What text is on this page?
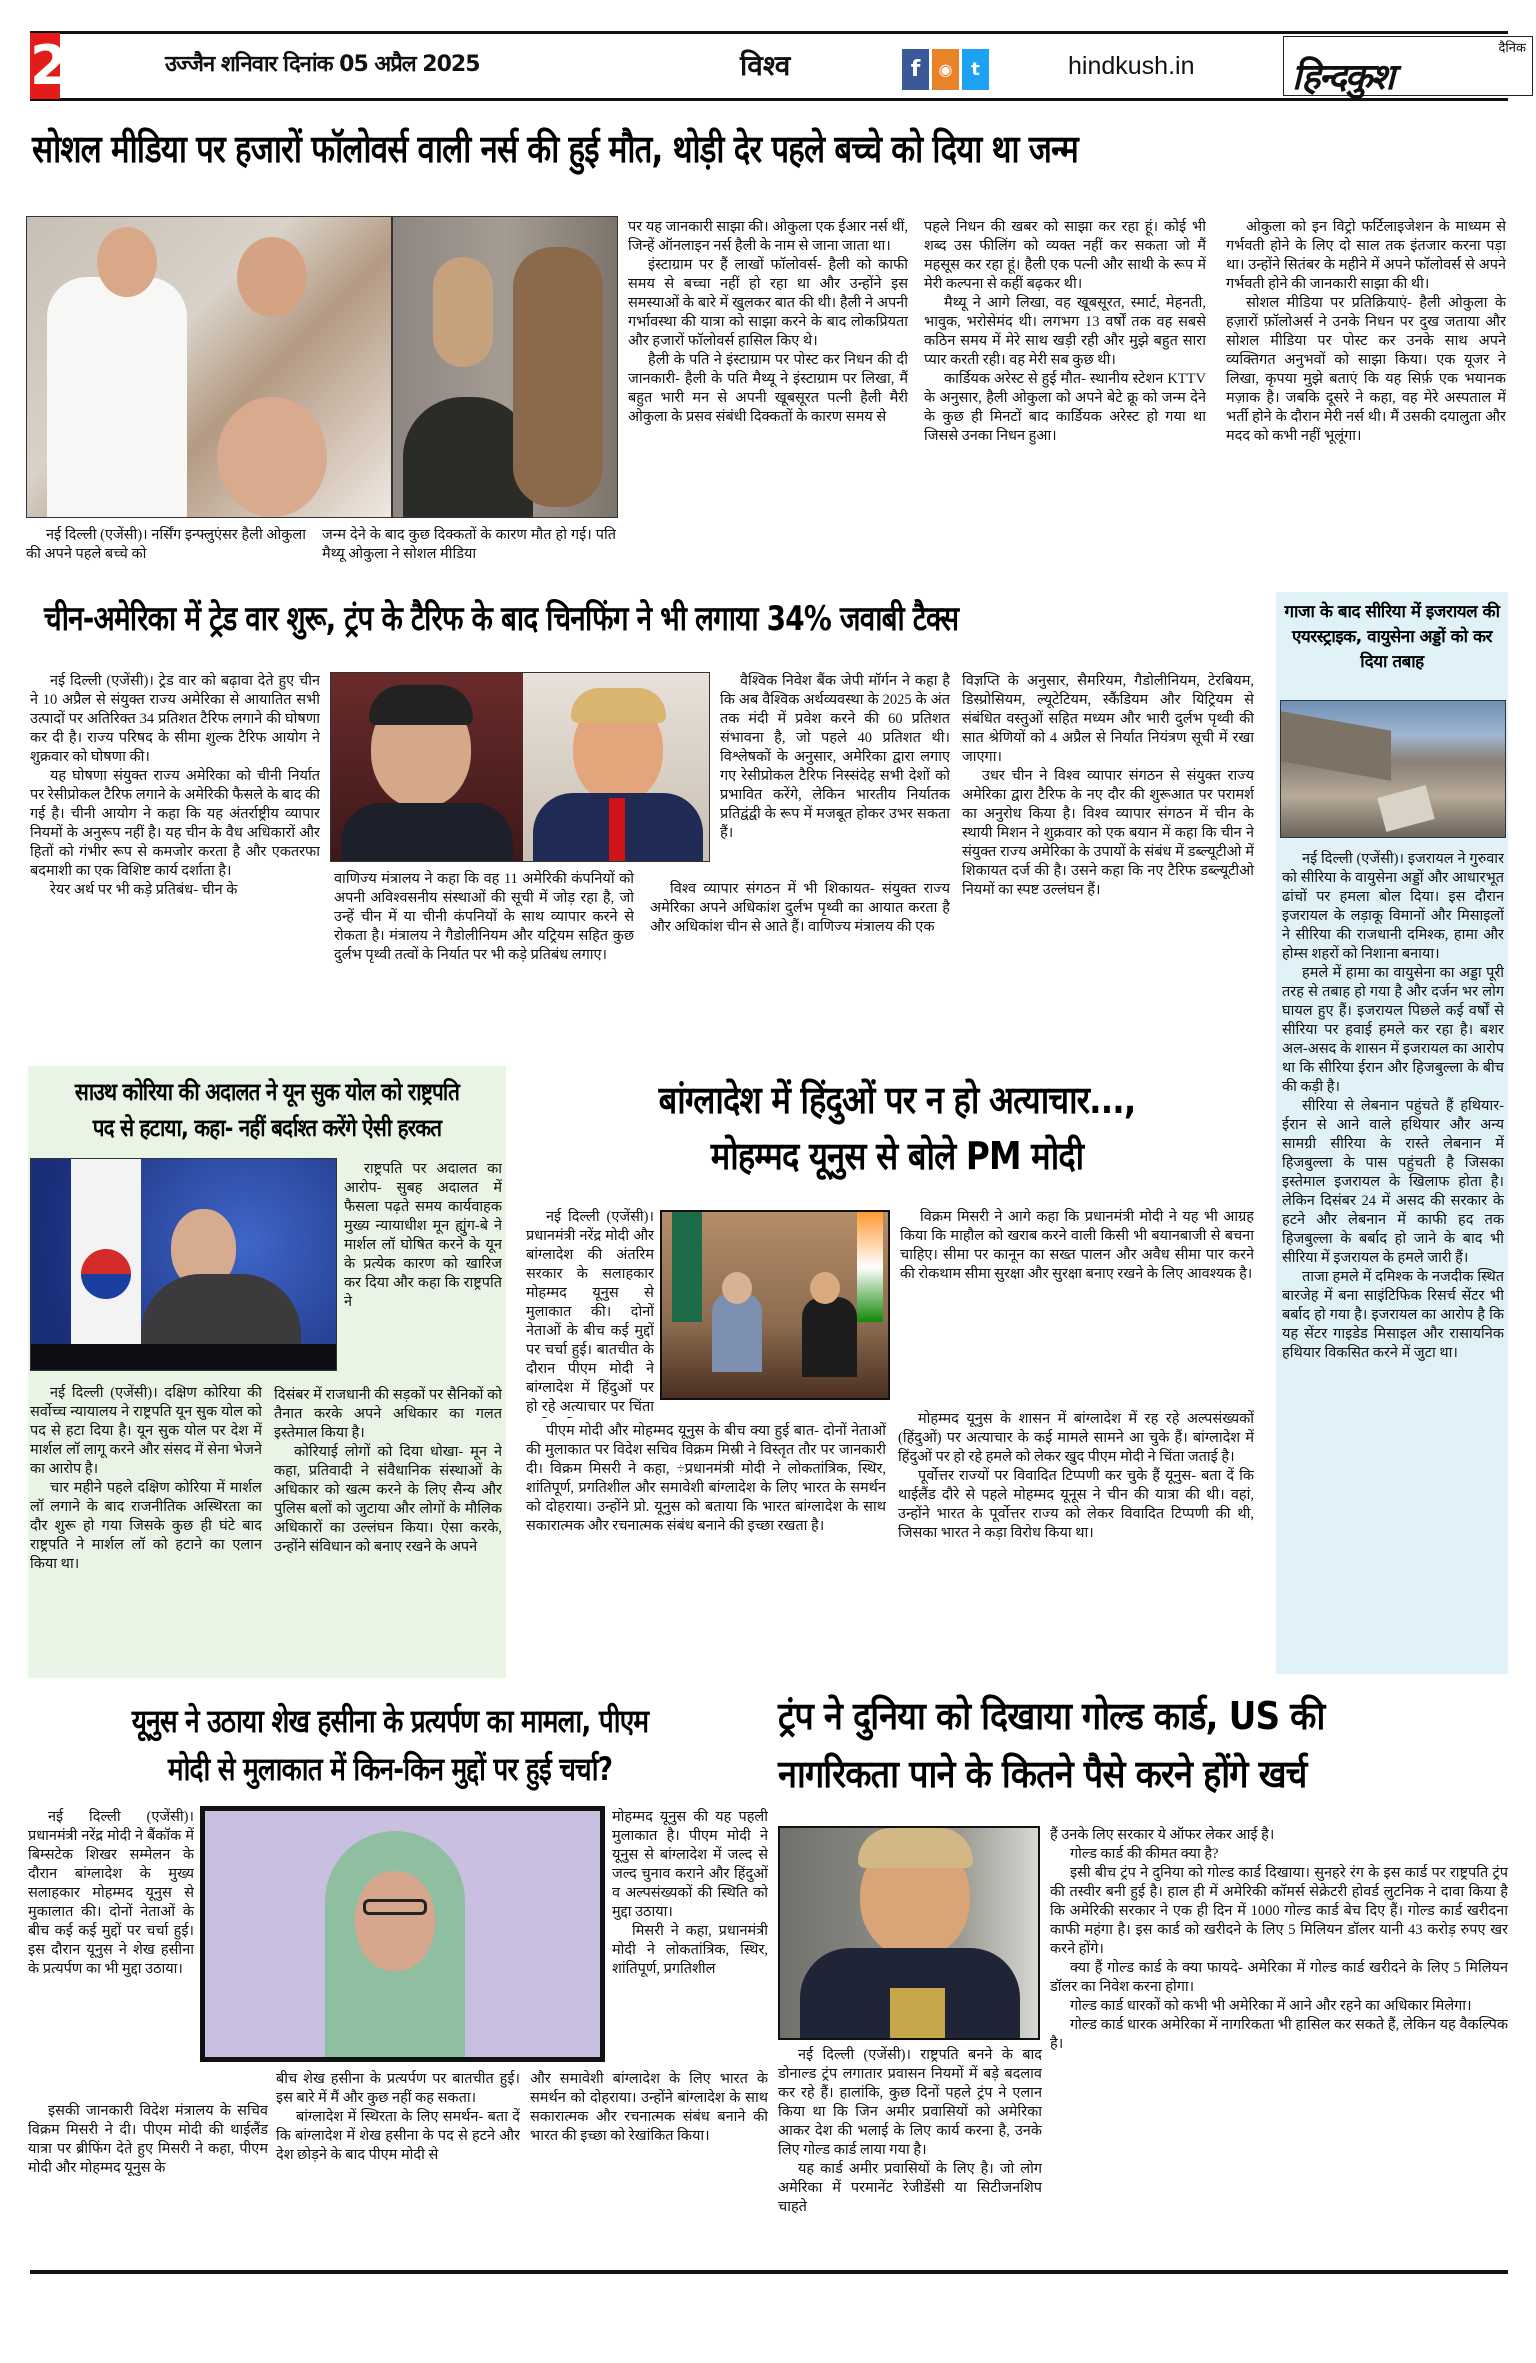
2	उज्जैन शनिवार दिनांक 05 अप्रैल 2025	विश्व	f	◉	t	hindkush.in
दैनिक
हिन्दकुश
सोशल मीडिया पर हजारों फॉलोवर्स वाली नर्स की हुई मौत, थोड़ी देर पहले बच्चे को दिया था जन्म

नई दिल्ली (एजेंसी)। नर्सिंग इन्फ्लुएंसर हैली ओकुला की अपने पहले बच्चे को

जन्म देने के बाद कुछ दिक्कतों के कारण मौत हो गई। पति मैथ्यू ओकुला ने सोशल मीडिया

पर यह जानकारी साझा की। ओकुला एक ईआर नर्स थीं, जिन्हें ऑनलाइन नर्स हैली के नाम से जाना जाता था।

इंस्टाग्राम पर हैं लाखों फॉलोवर्स- हैली को काफी समय से बच्चा नहीं हो रहा था और उन्होंने इस समस्याओं के बारे में खुलकर बात की थी। हैली ने अपनी गर्भावस्था की यात्रा को साझा करने के बाद लोकप्रियता और हजारों फॉलोवर्स हासिल किए थे।

हैली के पति ने इंस्टाग्राम पर पोस्ट कर निधन की दी जानकारी- हैली के पति मैथ्यू ने इंस्टाग्राम पर लिखा, मैं बहुत भारी मन से अपनी खूबसूरत पत्नी हैली मैरी ओकुला के प्रसव संबंधी दिक्कतों के कारण समय से

पहले निधन की खबर को साझा कर रहा हूं। कोई भी शब्द उस फीलिंग को व्यक्त नहीं कर सकता जो मैं महसूस कर रहा हूं। हैली एक पत्नी और साथी के रूप में मेरी कल्पना से कहीं बढ़कर थी।

मैथ्यू ने आगे लिखा, वह खूबसूरत, स्मार्ट, मेहनती, भावुक, भरोसेमंद थी। लगभग 13 वर्षों तक वह सबसे कठिन समय में मेरे साथ खड़ी रही और मुझे बहुत सारा प्यार करती रही। वह मेरी सब कुछ थी।

कार्डियक अरेस्ट से हुई मौत- स्थानीय स्टेशन KTTV के अनुसार, हैली ओकुला को अपने बेटे क्रू को जन्म देने के कुछ ही मिनटों बाद कार्डियक अरेस्ट हो गया था जिससे उनका निधन हुआ।

ओकुला को इन विट्रो फर्टिलाइजेशन के माध्यम से गर्भवती होने के लिए दो साल तक इंतजार करना पड़ा था। उन्होंने सितंबर के महीने में अपने फॉलोवर्स से अपने गर्भवती होने की जानकारी साझा की थी।

सोशल मीडिया पर प्रतिक्रियाएं- हैली ओकुला के हज़ारों फ़ॉलोअर्स ने उनके निधन पर दुख जताया और सोशल मीडिया पर पोस्ट कर उनके साथ अपने व्यक्तिगत अनुभवों को साझा किया। एक यूजर ने लिखा, कृपया मुझे बताएं कि यह सिर्फ़ एक भयानक मज़ाक है। जबकि दूसरे ने कहा, वह मेरे अस्पताल में भर्ती होने के दौरान मेरी नर्स थी। मैं उसकी दयालुता और मदद को कभी नहीं भूलूंगा।

चीन-अमेरिका में ट्रेड वार शुरू, ट्रंप के टैरिफ के बाद चिनफिंग ने भी लगाया 34% जवाबी टैक्स

नई दिल्ली (एजेंसी)। ट्रेड वार को बढ़ावा देते हुए चीन ने 10 अप्रैल से संयुक्त राज्य अमेरिका से आयातित सभी उत्पादों पर अतिरिक्त 34 प्रतिशत टैरिफ लगाने की घोषणा कर दी है। राज्य परिषद के सीमा शुल्क टैरिफ आयोग ने शुक्रवार को घोषणा की।

यह घोषणा संयुक्त राज्य अमेरिका को चीनी निर्यात पर रेसीप्रोकल टैरिफ लगाने के अमेरिकी फैसले के बाद की गई है। चीनी आयोग ने कहा कि यह अंतर्राष्ट्रीय व्यापार नियमों के अनुरूप नहीं है। यह चीन के वैध अधिकारों और हितों को गंभीर रूप से कमजोर करता है और एकतरफा बदमाशी का एक विशिष्ट कार्य दर्शाता है।

रेयर अर्थ पर भी कड़े प्रतिबंध- चीन के

वाणिज्य मंत्रालय ने कहा कि वह 11 अमेरिकी कंपनियों को अपनी अविश्वसनीय संस्थाओं की सूची में जोड़ रहा है, जो उन्हें चीन में या चीनी कंपनियों के साथ व्यापार करने से रोकता है। मंत्रालय ने गैडोलीनियम और यट्रियम सहित कुछ दुर्लभ पृथ्वी तत्वों के निर्यात पर भी कड़े प्रतिबंध लगाए।

वैश्विक निवेश बैंक जेपी मॉर्गन ने कहा है कि अब वैश्विक अर्थव्यवस्था के 2025 के अंत तक मंदी में प्रवेश करने की 60 प्रतिशत संभावना है, जो पहले 40 प्रतिशत थी। विश्लेषकों के अनुसार, अमेरिका द्वारा लगाए गए रेसीप्रोकल टैरिफ निस्संदेह सभी देशों को प्रभावित करेंगे, लेकिन भारतीय निर्यातक प्रतिद्वंद्वी के रूप में मजबूत होकर उभर सकता हैं।

विश्व व्यापार संगठन में भी शिकायत- संयुक्त राज्य अमेरिका अपने अधिकांश दुर्लभ पृथ्वी का आयात करता है और अधिकांश चीन से आते हैं। वाणिज्य मंत्रालय की एक

विज्ञप्ति के अनुसार, सैमरियम, गैडोलीनियम, टेरबियम, डिस्प्रोसियम, ल्यूटेटियम, स्कैंडियम और यिट्रियम से संबंधित वस्तुओं सहित मध्यम और भारी दुर्लभ पृथ्वी की सात श्रेणियों को 4 अप्रैल से निर्यात नियंत्रण सूची में रखा जाएगा।

उधर चीन ने विश्व व्यापार संगठन से संयुक्त राज्य अमेरिका द्वारा टैरिफ के नए दौर की शुरूआत पर परामर्श का अनुरोध किया है। विश्व व्यापार संगठन में चीन के स्थायी मिशन ने शुक्रवार को एक बयान में कहा कि चीन ने संयुक्त राज्य अमेरिका के उपायों के संबंध में डब्ल्यूटीओ में शिकायत दर्ज की है। उसने कहा कि नए टैरिफ डब्ल्यूटीओ नियमों का स्पष्ट उल्लंघन हैं।

गाजा के बाद सीरिया में इजरायल की एयरस्ट्राइक, वायुसेना अड्डों को कर दिया तबाह

नई दिल्ली (एजेंसी)। इजरायल ने गुरुवार को सीरिया के वायुसेना अड्डों और आधारभूत ढांचों पर हमला बोल दिया। इस दौरान इजरायल के लड़ाकू विमानों और मिसाइलों ने सीरिया की राजधानी दमिश्क, हामा और होम्स शहरों को निशाना बनाया।

हमले में हामा का वायुसेना का अड्डा पूरी तरह से तबाह हो गया है और दर्जन भर लोग घायल हुए हैं। इजरायल पिछले कई वर्षों से सीरिया पर हवाई हमले कर रहा है। बशर अल-असद के शासन में इजरायल का आरोप था कि सीरिया ईरान और हिजबुल्ला के बीच की कड़ी है।

सीरिया से लेबनान पहुंचते हैं हथियार- ईरान से आने वाले हथियार और अन्य सामग्री सीरिया के रास्ते लेबनान में हिजबुल्ला के पास पहुंचती है जिसका इस्तेमाल इजरायल के खिलाफ होता है। लेकिन दिसंबर 24 में असद की सरकार के हटने और लेबनान में काफी हद तक हिजबुल्ला के बर्बाद हो जाने के बाद भी सीरिया में इजरायल के हमले जारी हैं।

ताजा हमले में दमिश्क के नजदीक स्थित बारजेह में बना साइंटिफिक रिसर्च सेंटर भी बर्बाद हो गया है। इजरायल का आरोप है कि यह सेंटर गाइडेड मिसाइल और रासायनिक हथियार विकसित करने में जुटा था।

साउथ कोरिया की अदालत ने यून सुक योल को राष्ट्रपति
पद से हटाया, कहा- नहीं बर्दाश्त करेंगे ऐसी हरकत

राष्ट्रपति पर अदालत का आरोप- सुबह अदालत में फैसला पढ़ते समय कार्यवाहक मुख्य न्यायाधीश मून ह्युंग-बे ने मार्शल लॉ घोषित करने के यून के प्रत्येक कारण को खारिज कर दिया और कहा कि राष्ट्रपति ने

नई दिल्ली (एजेंसी)। दक्षिण कोरिया की सर्वोच्च न्यायालय ने राष्ट्रपति यून सुक योल को पद से हटा दिया है। यून सुक योल पर देश में मार्शल लॉ लागू करने और संसद में सेना भेजने का आरोप है।

चार महीने पहले दक्षिण कोरिया में मार्शल लॉ लगाने के बाद राजनीतिक अस्थिरता का दौर शुरू हो गया जिसके कुछ ही घंटे बाद राष्ट्रपति ने मार्शल लॉ को हटाने का एलान किया था।

दिसंबर में राजधानी की सड़कों पर सैनिकों को तैनात करके अपने अधिकार का गलत इस्तेमाल किया है।

कोरियाई लोगों को दिया धोखा- मून ने कहा, प्रतिवादी ने संवैधानिक संस्थाओं के अधिकार को खत्म करने के लिए सैन्य और पुलिस बलों को जुटाया और लोगों के मौलिक अधिकारों का उल्लंघन किया। ऐसा करके, उन्होंने संविधान को बनाए रखने के अपने

बांग्लादेश में हिंदुओं पर न हो अत्याचार...,
मोहम्मद यूनुस से बोले PM मोदी

नई दिल्ली (एजेंसी)। प्रधानमंत्री नरेंद्र मोदी और बांग्लादेश की अंतरिम सरकार के सलाहकार मोहम्मद यूनुस से मुलाकात की। दोनों नेताओं के बीच कई मुद्दों पर चर्चा हुई। बातचीत के दौरान पीएम मोदी ने बांग्लादेश में हिंदुओं पर हो रहे अत्याचार पर चिंता

विक्रम मिसरी ने आगे कहा कि प्रधानमंत्री मोदी ने यह भी आग्रह किया कि माहौल को खराब करने वाली किसी भी बयानबाजी से बचना चाहिए। सीमा पर कानून का सख्त पालन और अवैध सीमा पार करने की रोकथाम सीमा सुरक्षा और सुरक्षा बनाए रखने के लिए आवश्यक है।

पीएम मोदी और मोहम्मद यूनुस के बीच क्या हुई बात- दोनों नेताओं की मुलाकात पर विदेश सचिव विक्रम मिस्री ने विस्तृत तौर पर जानकारी दी। विक्रम मिसरी ने कहा, ÷प्रधानमंत्री मोदी ने लोकतांत्रिक, स्थिर, शांतिपूर्ण, प्रगतिशील और समावेशी बांग्लादेश के लिए भारत के समर्थन को दोहराया। उन्होंने प्रो. यूनुस को बताया कि भारत बांग्लादेश के साथ सकारात्मक और रचनात्मक संबंध बनाने की इच्छा रखता है।

मोहम्मद यूनुस के शासन में बांग्लादेश में रह रहे अल्पसंख्यकों (हिंदुओं) पर अत्याचार के कई मामले सामने आ चुके हैं। बांग्लादेश में हिंदुओं पर हो रहे हमले को लेकर खुद पीएम मोदी ने चिंता जताई है।

पूर्वोत्तर राज्यों पर विवादित टिप्पणी कर चुके हैं यूनुस- बता दें कि थाईलैंड दौरे से पहले मोहम्मद यूनूस ने चीन की यात्रा की थी। वहां, उन्होंने भारत के पूर्वोत्तर राज्य को लेकर विवादित टिप्पणी की थी, जिसका भारत ने कड़ा विरोध किया था।

यूनुस ने उठाया शेख हसीना के प्रत्यर्पण का मामला, पीएम
मोदी से मुलाकात में किन-किन मुद्दों पर हुई चर्चा?

नई दिल्ली (एजेंसी)। प्रधानमंत्री नरेंद्र मोदी ने बैंकॉक में बिम्सटेक शिखर सम्मेलन के दौरान बांग्लादेश के मुख्य सलाहकार मोहम्मद यूनुस से मुकालात की। दोनों नेताओं के बीच कई कई मुद्दों पर चर्चा हुई। इस दौरान यूनुस ने शेख हसीना के प्रत्यर्पण का भी मुद्दा उठाया।

इसकी जानकारी विदेश मंत्रालय के सचिव विक्रम मिसरी ने दी। पीएम मोदी की थाईलैंड यात्रा पर ब्रीफिंग देते हुए मिसरी ने कहा, पीएम मोदी और मोहम्मद यूनुस के

बीच शेख हसीना के प्रत्यर्पण पर बातचीत हुई। इस बारे में मैं और कुछ नहीं कह सकता।

बांग्लादेश में स्थिरता के लिए समर्थन- बता दें कि बांग्लादेश में शेख हसीना के पद से हटने और देश छोड़ने के बाद पीएम मोदी से

मोहम्मद यूनुस की यह पहली मुलाकात है। पीएम मोदी ने यूनुस से बांग्लादेश में जल्द से जल्द चुनाव कराने और हिंदुओं व अल्पसंख्यकों की स्थिति को मुद्दा उठाया।

मिसरी ने कहा, प्रधानमंत्री मोदी ने लोकतांत्रिक, स्थिर, शांतिपूर्ण, प्रगतिशील

और समावेशी बांग्लादेश के लिए भारत के समर्थन को दोहराया। उन्होंने बांग्लादेश के साथ सकारात्मक और रचनात्मक संबंध बनाने की भारत की इच्छा को रेखांकित किया।

ट्रंप ने दुनिया को दिखाया गोल्ड कार्ड, US की
नागरिकता पाने के कितने पैसे करने होंगे खर्च

नई दिल्ली (एजेंसी)। राष्ट्रपति बनने के बाद डोनाल्ड ट्रंप लगातार प्रवासन नियमों में बड़े बदलाव कर रहे हैं। हालांकि, कुछ दिनों पहले ट्रंप ने एलान किया था कि जिन अमीर प्रवासियों को अमेरिका आकर देश की भलाई के लिए कार्य करना है, उनके लिए गोल्ड कार्ड लाया गया है।

यह कार्ड अमीर प्रवासियों के लिए है। जो लोग अमेरिका में परमानेंट रेजीडेंसी या सिटीजनशिप चाहते

हैं उनके लिए सरकार ये ऑफर लेकर आई है।

गोल्ड कार्ड की कीमत क्या है?

इसी बीच ट्रंप ने दुनिया को गोल्ड कार्ड दिखाया। सुनहरे रंग के इस कार्ड पर राष्ट्रपति ट्रंप की तस्वीर बनी हुई है। हाल ही में अमेरिकी कॉमर्स सेक्रेटरी होवर्ड लुटनिक ने दावा किया है कि अमेरिकी सरकार ने एक ही दिन में 1000 गोल्ड कार्ड बेच दिए हैं। गोल्ड कार्ड खरीदना काफी महंगा है। इस कार्ड को खरीदने के लिए 5 मिलियन डॉलर यानी 43 करोड़ रुपए खर करने होंगे।

क्या हैं गोल्ड कार्ड के क्या फायदे- अमेरिका में गोल्ड कार्ड खरीदने के लिए 5 मिलियन डॉलर का निवेश करना होगा।

गोल्ड कार्ड धारकों को कभी भी अमेरिका में आने और रहने का अधिकार मिलेगा।

गोल्ड कार्ड धारक अमेरिका में नागरिकता भी हासिल कर सकते हैं, लेकिन यह वैकल्पिक है।
